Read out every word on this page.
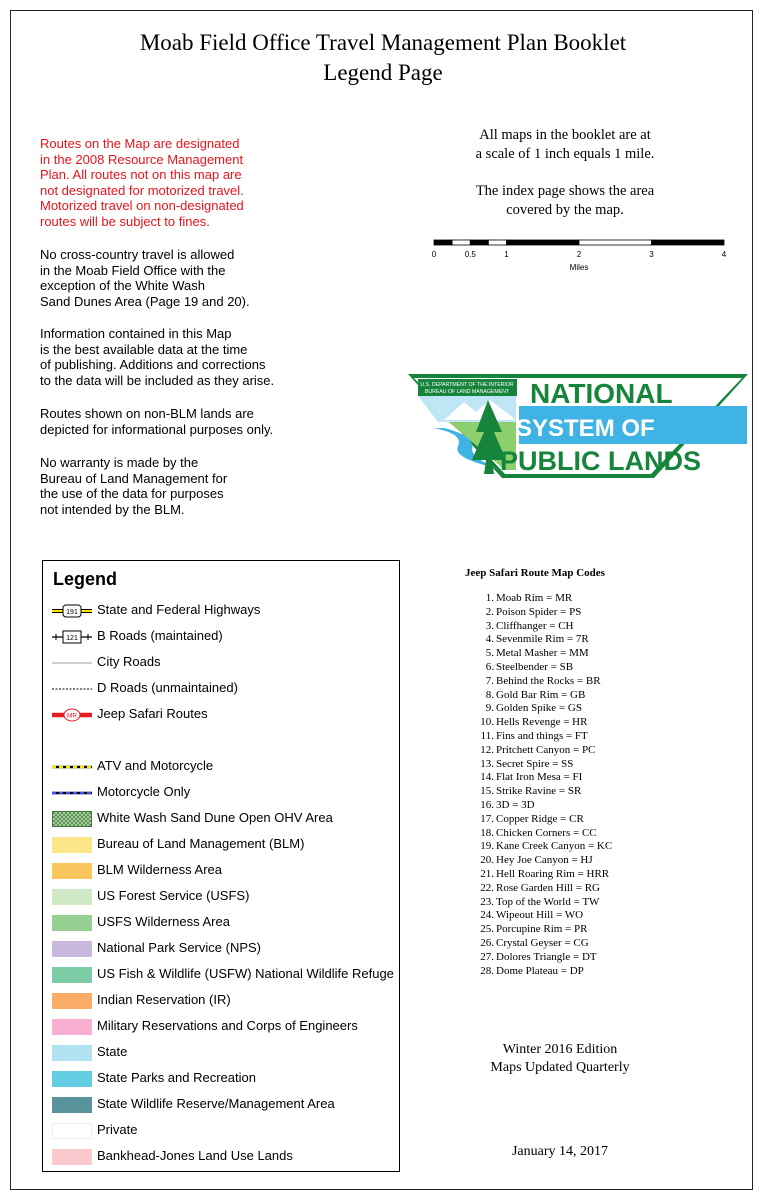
Moab Field Office Travel Management Plan Booklet
Legend Page
Routes on the Map are designated
in the 2008 Resource Management
Plan. All routes not on this map are
not designated for motorized travel.
Motorized travel on non-designated
routes will be subject to fines.
No cross-country travel is allowed
in the Moab Field Office with the
exception of the White Wash
Sand Dunes Area (Page 19 and 20).
Information contained in this Map
is the best available data at the time
of publishing. Additions and corrections
to the data will be included as they arise.
Routes shown on non-BLM lands are
depicted for informational purposes only.
No warranty is made by the
Bureau of Land Management for
the use of the data for purposes
not intended by the BLM.
All maps in the booklet are at
a scale of 1 inch equals 1 mile.
The index page shows the area
covered by the map.
0	0.5	1	2	3	4
Miles
U.S. DEPARTMENT OF THE INTERIOR
BUREAU OF LAND MANAGEMENT NATIONAL
SYSTEM OF
PUBLIC LANDS
Legend
191 State and Federal Highways
121 B Roads (maintained)
City Roads
D Roads (unmaintained)
MR Jeep Safari Routes
ATV and Motorcycle
Motorcycle Only
White Wash Sand Dune Open OHV Area
Bureau of Land Management (BLM)
BLM Wilderness Area
US Forest Service (USFS)
USFS Wilderness Area
National Park Service (NPS)
US Fish & Wildlife (USFW) National Wildlife Refuge
Indian Reservation (IR)
Military Reservations and Corps of Engineers
State
State Parks and Recreation
State Wildlife Reserve/Management Area
Private
Bankhead-Jones Land Use Lands
Jeep Safari Route Map Codes
Winter 2016 Edition
Maps Updated Quarterly
January 14, 2017
1. Moab Rim = MR
2. Poison Spider = PS
3. Cliffhanger = CH
4. Sevenmile Rim = 7R
5. Metal Masher = MM
6. Steelbender = SB
7. Behind the Rocks = BR
8. Gold Bar Rim = GB
9. Golden Spike = GS
10. Hells Revenge = HR
11. Fins and things = FT
12. Pritchett Canyon = PC
13. Secret Spire = SS
14. Flat Iron Mesa = FI
15. Strike Ravine = SR
16. 3D = 3D
17. Copper Ridge = CR
18. Chicken Corners = CC
19. Kane Creek Canyon = KC
20. Hey Joe Canyon = HJ
21. Hell Roaring Rim = HRR
22. Rose Garden Hill = RG
23. Top of the World = TW
24. Wipeout Hill = WO
25. Porcupine Rim = PR
26. Crystal Geyser = CG
27. Dolores Triangle = DT
28. Dome Plateau = DP
